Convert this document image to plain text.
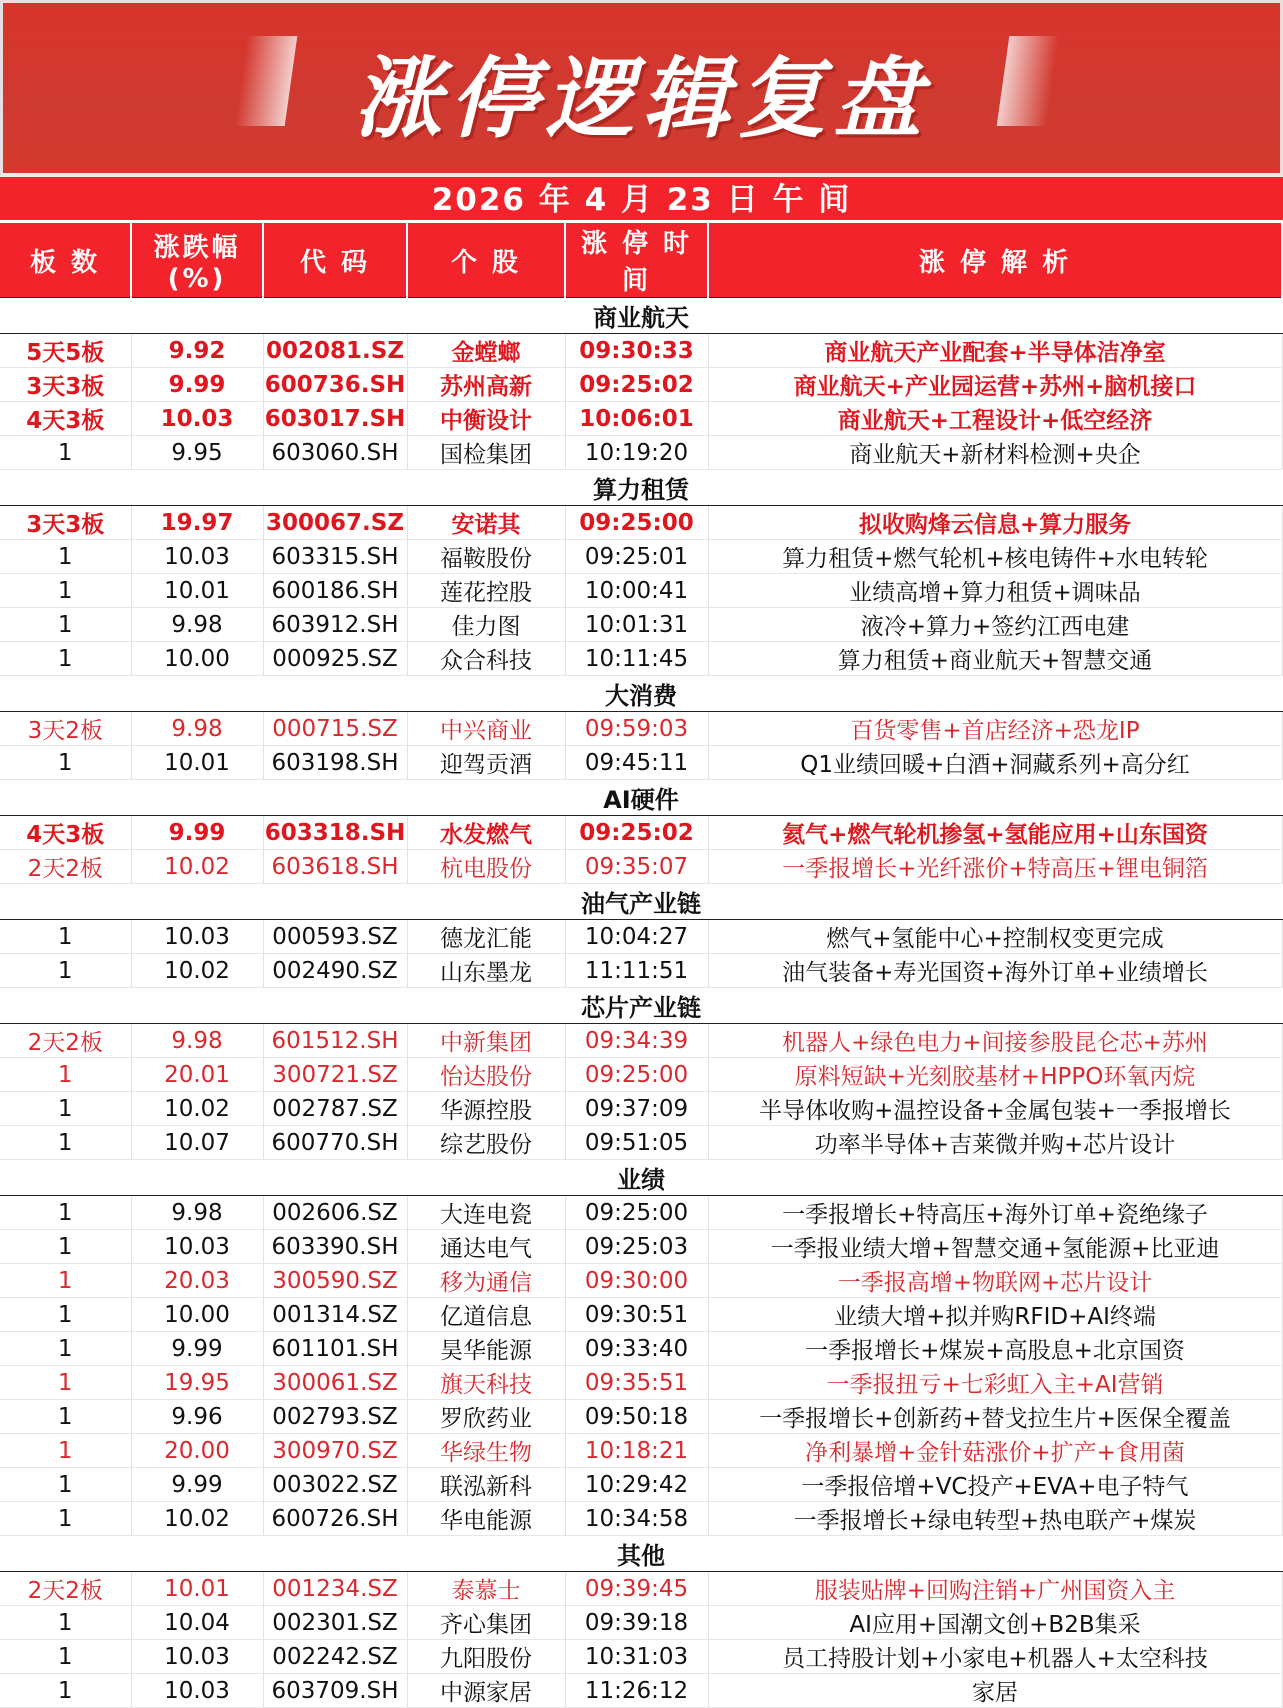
涨停逻辑复盘
2026 年 4 月 23 日 午 间
板 数	涨跌幅(%)	代 码	个 股	涨 停 时 间	涨 停 解 析
商业航天					
5天5板	9.92	002081.SZ	金螳螂	09:30:33	商业航天产业配套+半导体洁净室
3天3板	9.99	600736.SH	苏州高新	09:25:02	商业航天+产业园运营+苏州+脑机接口
4天3板	10.03	603017.SH	中衡设计	10:06:01	商业航天+工程设计+低空经济
1	9.95	603060.SH	国检集团	10:19:20	商业航天+新材料检测+央企
算力租赁					
3天3板	19.97	300067.SZ	安诺其	09:25:00	拟收购烽云信息+算力服务
1	10.03	603315.SH	福鞍股份	09:25:01	算力租赁+燃气轮机+核电铸件+水电转轮
1	10.01	600186.SH	莲花控股	10:00:41	业绩高增+算力租赁+调味品
1	9.98	603912.SH	佳力图	10:01:31	液冷+算力+签约江西电建
1	10.00	000925.SZ	众合科技	10:11:45	算力租赁+商业航天+智慧交通
大消费					
3天2板	9.98	000715.SZ	中兴商业	09:59:03	百货零售+首店经济+恐龙IP
1	10.01	603198.SH	迎驾贡酒	09:45:11	Q1业绩回暖+白酒+洞藏系列+高分红
AI硬件					
4天3板	9.99	603318.SH	水发燃气	09:25:02	氦气+燃气轮机掺氢+氢能应用+山东国资
2天2板	10.02	603618.SH	杭电股份	09:35:07	一季报增长+光纤涨价+特高压+锂电铜箔
油气产业链					
1	10.03	000593.SZ	德龙汇能	10:04:27	燃气+氢能中心+控制权变更完成
1	10.02	002490.SZ	山东墨龙	11:11:51	油气装备+寿光国资+海外订单+业绩增长
芯片产业链					
2天2板	9.98	601512.SH	中新集团	09:34:39	机器人+绿色电力+间接参股昆仑芯+苏州
1	20.01	300721.SZ	怡达股份	09:25:00	原料短缺+光刻胶基材+HPPO环氧丙烷
1	10.02	002787.SZ	华源控股	09:37:09	半导体收购+温控设备+金属包装+一季报增长
1	10.07	600770.SH	综艺股份	09:51:05	功率半导体+吉莱微并购+芯片设计
业绩					
1	9.98	002606.SZ	大连电瓷	09:25:00	一季报增长+特高压+海外订单+瓷绝缘子
1	10.03	603390.SH	通达电气	09:25:03	一季报业绩大增+智慧交通+氢能源+比亚迪
1	20.03	300590.SZ	移为通信	09:30:00	一季报高增+物联网+芯片设计
1	10.00	001314.SZ	亿道信息	09:30:51	业绩大增+拟并购RFID+AI终端
1	9.99	601101.SH	昊华能源	09:33:40	一季报增长+煤炭+高股息+北京国资
1	19.95	300061.SZ	旗天科技	09:35:51	一季报扭亏+七彩虹入主+AI营销
1	9.96	002793.SZ	罗欣药业	09:50:18	一季报增长+创新药+替戈拉生片+医保全覆盖
1	20.00	300970.SZ	华绿生物	10:18:21	净利暴增+金针菇涨价+扩产+食用菌
1	9.99	003022.SZ	联泓新科	10:29:42	一季报倍增+VC投产+EVA+电子特气
1	10.02	600726.SH	华电能源	10:34:58	一季报增长+绿电转型+热电联产+煤炭
其他					
2天2板	10.01	001234.SZ	泰慕士	09:39:45	服装贴牌+回购注销+广州国资入主
1	10.04	002301.SZ	齐心集团	09:39:18	AI应用+国潮文创+B2B集采
1	10.03	002242.SZ	九阳股份	10:31:03	员工持股计划+小家电+机器人+太空科技
1	10.03	603709.SH	中源家居	11:26:12	家居
